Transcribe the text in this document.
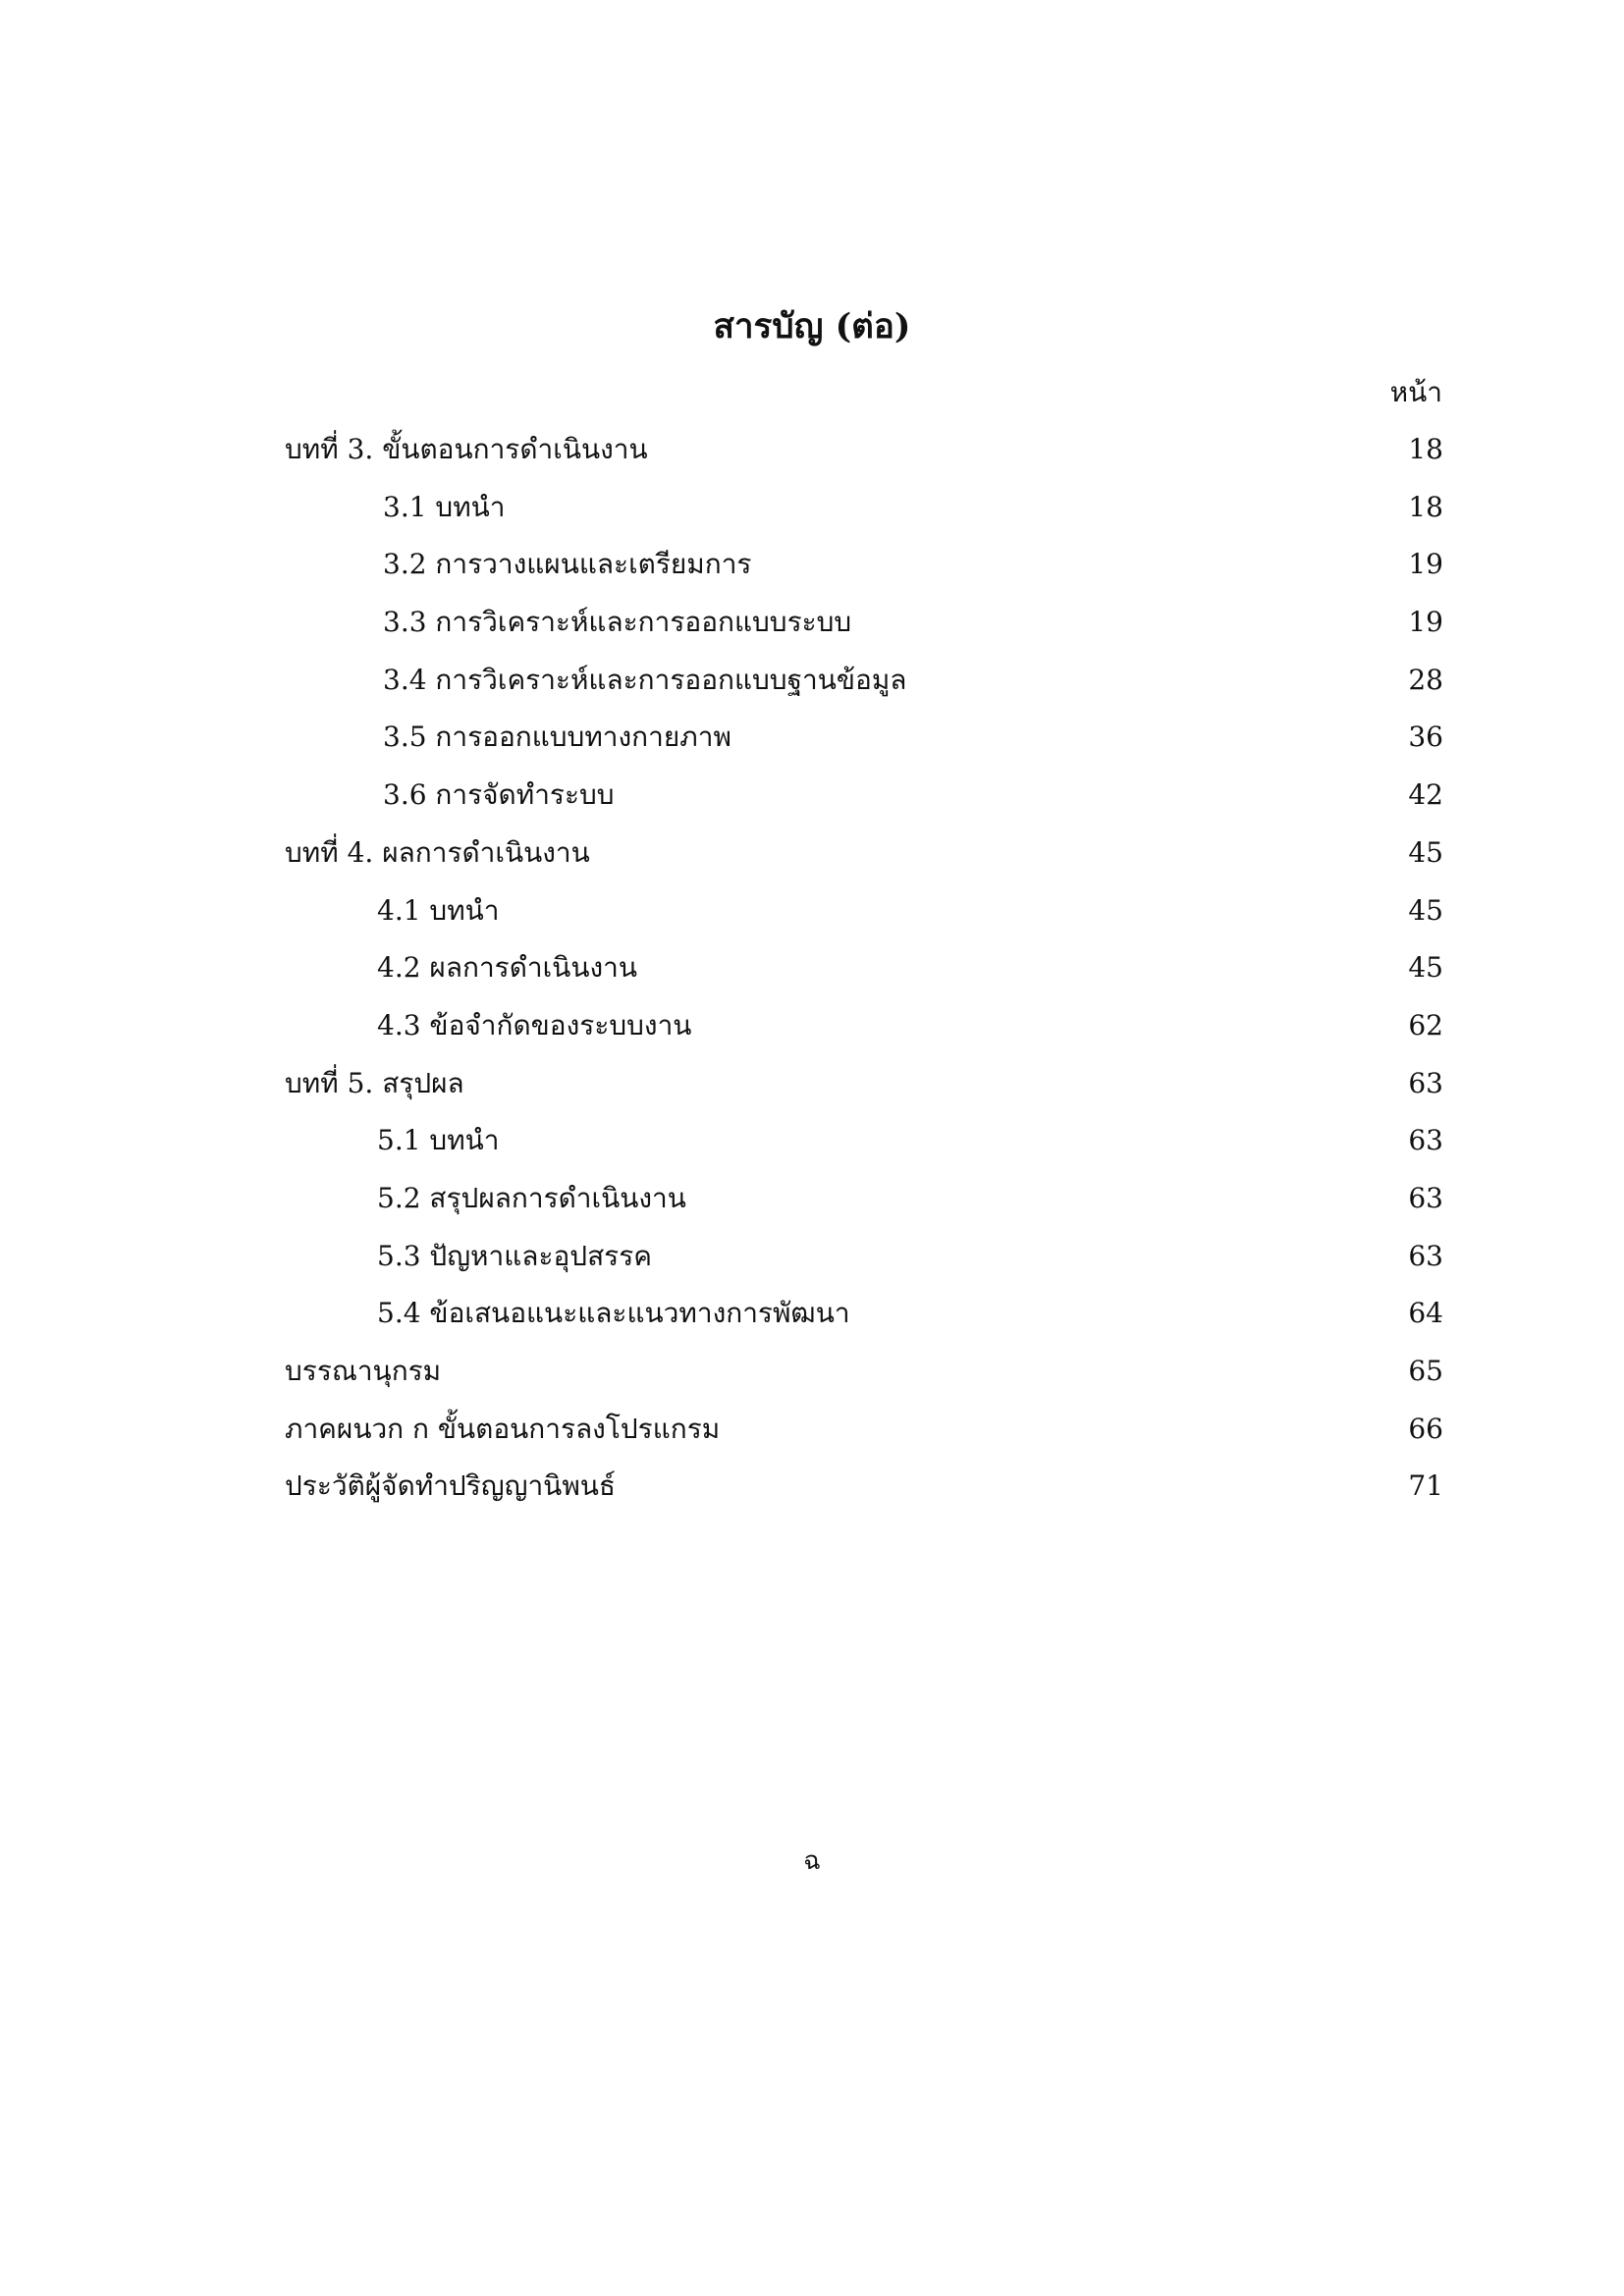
สารบัญ (ต่อ)
หน้า
บทที่ 3. ขั้นตอนการดำเนินงาน	18
3.1 บทนำ	18
3.2 การวางแผนและเตรียมการ	19
3.3 การวิเคราะห์และการออกแบบระบบ	19
3.4 การวิเคราะห์และการออกแบบฐานข้อมูล	28
3.5 การออกแบบทางกายภาพ	36
3.6 การจัดทำระบบ	42
บทที่ 4. ผลการดำเนินงาน	45
4.1 บทนำ	45
4.2 ผลการดำเนินงาน	45
4.3 ข้อจำกัดของระบบงาน	62
บทที่ 5. สรุปผล	63
5.1 บทนำ	63
5.2 สรุปผลการดำเนินงาน	63
5.3 ปัญหาและอุปสรรค	63
5.4 ข้อเสนอแนะและแนวทางการพัฒนา	64
บรรณานุกรม	65
ภาคผนวก ก ขั้นตอนการลงโปรแกรม	66
ประวัติผู้จัดทำปริญญานิพนธ์	71
ฉ
